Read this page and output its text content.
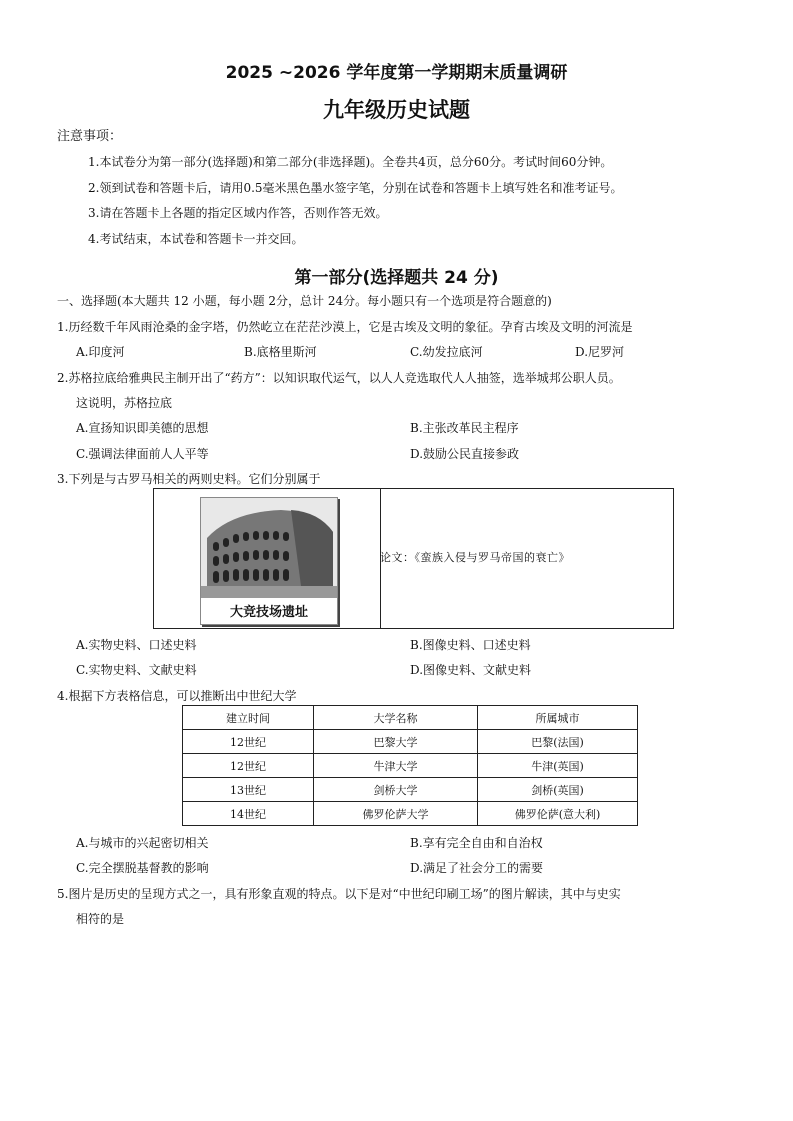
2025 ~2026 学年度第一学期期末质量调研
九年级历史试题
注意事项：
1.本试卷分为第一部分(选择题)和第二部分(非选择题)。全卷共4页，总分60分。考试时间60分钟。
2.领到试卷和答题卡后，请用0.5毫米黑色墨水签字笔，分别在试卷和答题卡上填写姓名和准考证号。
3.请在答题卡上各题的指定区域内作答，否则作答无效。
4.考试结束，本试卷和答题卡一并交回。
第一部分(选择题共 24 分)
一、选择题(本大题共 12 小题，每小题 2分，总计 24分。每小题只有一个选项是符合题意的)
1.历经数千年风雨沧桑的金字塔，仍然屹立在茫茫沙漠上，它是古埃及文明的象征。孕育古埃及文明的河流是
A.印度河	B.底格里斯河	C.幼发拉底河	D.尼罗河
2.苏格拉底给雅典民主制开出了“药方”：以知识取代运气，以人人竞选取代人人抽签，选举城邦公职人员。
这说明，苏格拉底
A.宣扬知识即美德的思想	B.主张改革民主程序
C.强调法律面前人人平等	D.鼓励公民直接参政
3.下列是与古罗马相关的两则史料。它们分别属于
大竞技场遗址
论文：《蛮族入侵与罗马帝国的衰亡》
A.实物史料、口述史料	B.图像史料、口述史料
C.实物史料、文献史料	D.图像史料、文献史料
4.根据下方表格信息，可以推断出中世纪大学
建立时间	大学名称	所属城市
12世纪	巴黎大学	巴黎(法国)
12世纪	牛津大学	牛津(英国)
13世纪	剑桥大学	剑桥(英国)
14世纪	佛罗伦萨大学	佛罗伦萨(意大利)
A.与城市的兴起密切相关	B.享有完全自由和自治权
C.完全摆脱基督教的影响	D.满足了社会分工的需要
5.图片是历史的呈现方式之一，具有形象直观的特点。以下是对“中世纪印刷工场”的图片解读，其中与史实
相符的是
